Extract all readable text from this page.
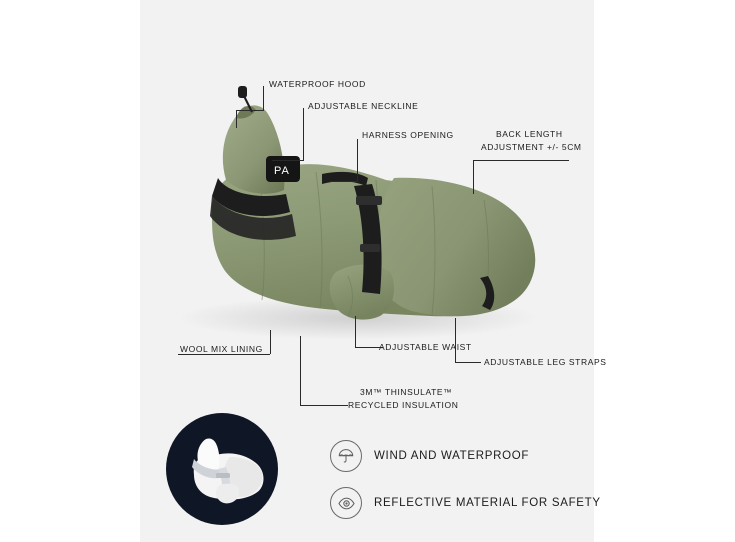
PA
WATERPROOF HOOD
ADJUSTABLE NECKLINE
HARNESS OPENING	BACK LENGTH
ADJUSTMENT +/- 5CM
WOOL MIX LINING	ADJUSTABLE WAIST
ADJUSTABLE LEG STRAPS
3M™ THINSULATE™
RECYCLED INSULATION
WIND AND WATERPROOF
REFLECTIVE MATERIAL FOR SAFETY
